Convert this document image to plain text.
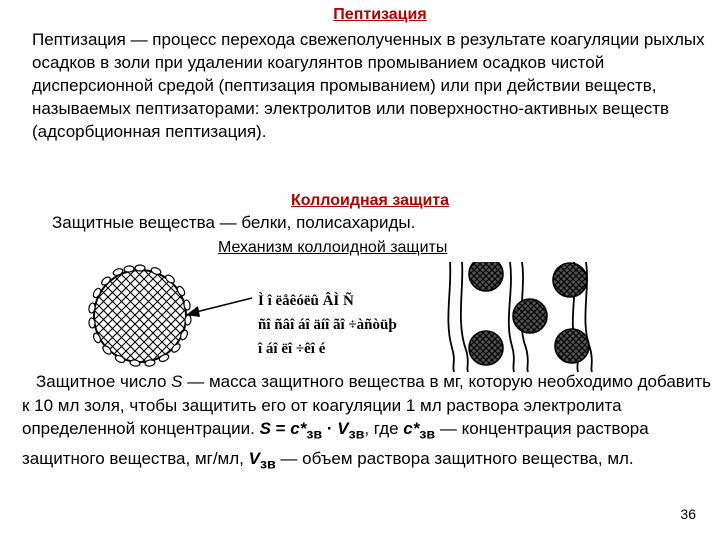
Пептизация
Пептизация — процесс перехода свежеполученных в результате коагуляции рыхлых осадков в золи при удалении коагулянтов промыванием осадков чистой дисперсионной средой (пептизация промыванием) или при действии веществ, называемых пептизаторами: электролитов или поверхностно-активных веществ (адсорбционная пептизация).
Коллоидная защита
Защитные вещества — белки, полисахариды.
Механизм коллоидной защиты
Ì î ëåêóëû ÂÌ Ñ
ñî ñâî áî äíî ãî ÷àñòüþ
î áî ëî ÷êî é
Защитное число S — масса защитного вещества в мг, которую необходимо добавить к 10 мл золя, чтобы защитить его от коагуляции 1 мл раствора электролита определенной концентрации. $S = c*_{зв} \cdot V_{зв}$, где $c*_{зв}$ — концентрация раствора защитного вещества, мг/мл, $V_{зв}$ — объем раствора защитного вещества, мл.
36
